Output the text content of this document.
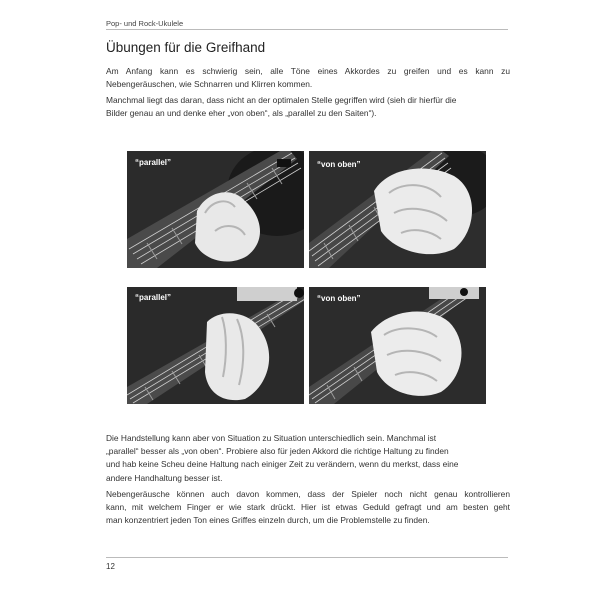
Pop- und Rock-Ukulele
Übungen für die Greifhand
Am Anfang kann es schwierig sein, alle Töne eines Akkordes zu greifen und es kann zu
Nebengeräuschen, wie Schnarren und Klirren kommen.
Manchmal liegt das daran, dass nicht an der optimalen Stelle gegriffen wird (sieh dir hierfür die
Bilder genau an und denke eher „von oben“, als „parallel zu den Saiten“).
“parallel”	“von oben”
“parallel”	“von oben”
Die Handstellung kann aber von Situation zu Situation unterschiedlich sein. Manchmal ist
„parallel“ besser als „von oben“. Probiere also für jeden Akkord die richtige Haltung zu finden
und hab keine Scheu deine Haltung nach einiger Zeit zu verändern, wenn du merkst, dass eine
andere Handhaltung besser ist.
Nebengeräusche können auch davon kommen, dass der Spieler noch nicht genau kontrollieren
kann, mit welchem Finger er wie stark drückt. Hier ist etwas Geduld gefragt und am besten geht
man konzentriert jeden Ton eines Griffes einzeln durch, um die Problemstelle zu finden.
12
